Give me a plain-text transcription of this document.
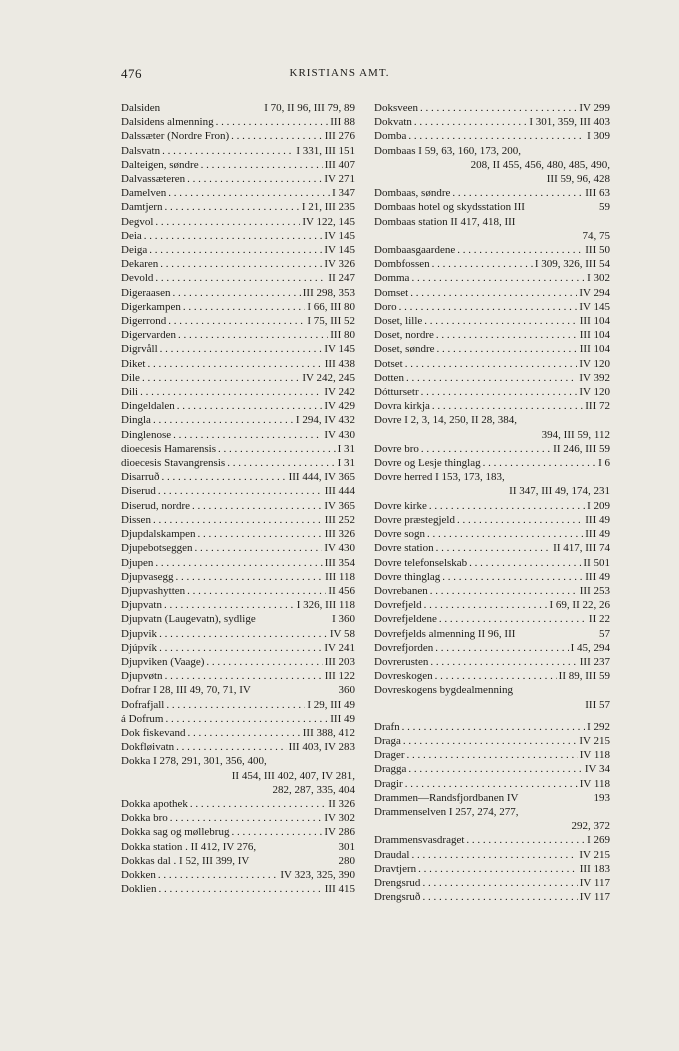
476	KRISTIANS AMT.
Dalsiden	I 70, II 96, III 79, 89
Dalsidens almenning . . .	III 88
Dalssæter (Nordre Fron) . . .	III 276
Dalsvatn . . .	I 331, III 151
Dalteigen, søndre . . .	III 407
Dalvassæteren . . .	IV 271
Damelven . . .	I 347
Damtjern . . .	I 21, III 235
Degvol . . .	IV 122, 145
Deia . . .	IV 145
Deiga . . .	IV 145
Dekaren . . .	IV 326
Devold . . .	II 247
Digeraasen . . .	III 298, 353
Digerkampen . . .	I 66, III 80
Digerrond . . .	I 75, III 52
Digervarden . . .	III 80
Digrvåll . . .	IV 145
Diket . . .	III 438
Dile . . .	IV 242, 245
Dili . . .	IV 242
Dingeldalen . . .	IV 429
Dingla . . .	I 294, IV 432
Dinglenose . . .	IV 430
dioecesis Hamarensis . . .	I 31
dioecesis Stavangrensis . . .	I 31
Disarruð . . .	III 444, IV 365
Diserud . . .	III 444
Diserud, nordre . . .	IV 365
Dissen . . .	III 252
Djupdalskampen . . .	III 326
Djupebotseggen . . .	IV 430
Djupen . . .	III 354
Djupvasegg . . .	III 118
Djupvashytten . . .	II 456
Djupvatn . . .	I 326, III 118
Djupvatn (Laugevatn), sydlige	I 360
Djupvik . . .	IV 58
Djúpvík . . .	IV 241
Djupviken (Vaage) . . .	III 203
Djupvøtn . . .	III 122
Dofrar I 28, III 49, 70, 71, IV	360
Dofrafjall . . .	I 29, III 49
á Dofrum . . .	III 49
Dok fiskevand . . .	III 388, 412
Dokfløivatn . . .	III 403, IV 283
Dokka I 278, 291, 301, 356, 400,
II 454, III 402, 407, IV 281,
282, 287, 335, 404
Dokka apothek . . .	II 326
Dokka bro . . .	IV 302
Dokka sag og møllebrug . . .	IV 286
Dokka station . II 412, IV 276,	301
Dokkas dal . I 52, III 399, IV	280
Dokken . . .	IV 323, 325, 390
Doklien . . .	III 415
Doksveen . . .	IV 299
Dokvatn . . .	I 301, 359, III 403
Domba . . .	I 309
Dombaas I 59, 63, 160, 173, 200,
208, II 455, 456, 480, 485, 490,
III 59, 96, 428
Dombaas, søndre . . .	III 63
Dombaas hotel og skydsstation III	59
Dombaas station II 417, 418, III
74, 75
Dombaasgaardene . . .	III 50
Dombfossen . . .	I 309, 326, III 54
Domma . . .	I 302
Domset . . .	IV 294
Doro . . .	IV 145
Doset, lille . . .	III 104
Doset, nordre . . .	III 104
Doset, søndre . . .	III 104
Dotset . . .	IV 120
Dotten . . .	IV 392
Dóttursetr . . .	IV 120
Dovra kirkja . . .	III 72
Dovre I 2, 3, 14, 250, II 28, 384,
394, III 59, 112
Dovre bro . . .	II 246, III 59
Dovre og Lesje thinglag . . .	I 6
Dovre herred I 153, 173, 183,
II 347, III 49, 174, 231
Dovre kirke . . .	I 209
Dovre præstegjeld . . .	III 49
Dovre sogn . . .	III 49
Dovre station . . .	II 417, III 74
Dovre telefonselskab . . .	II 501
Dovre thinglag . . .	III 49
Dovrebanen . . .	III 253
Dovrefjeld . . .	I 69, II 22, 26
Dovrefjeldene . . .	II 22
Dovrefjelds almenning II 96, III	57
Dovrefjorden . . .	I 45, 294
Dovrerusten . . .	III 237
Dovreskogen . . .	II 89, III 59
Dovreskogens bygdealmenning
III 57
Drafn . . .	I 292
Draga . . .	IV 215
Drager . . .	IV 118
Dragga . . .	IV 34
Dragir . . .	IV 118
Drammen—Randsfjordbanen IV	193
Drammenselven I 257, 274, 277,
292, 372
Drammensvasdraget . . .	I 269
Draudal . . .	IV 215
Dravtjern . . .	III 183
Drengsrud . . .	IV 117
Drengsruð . . .	IV 117
